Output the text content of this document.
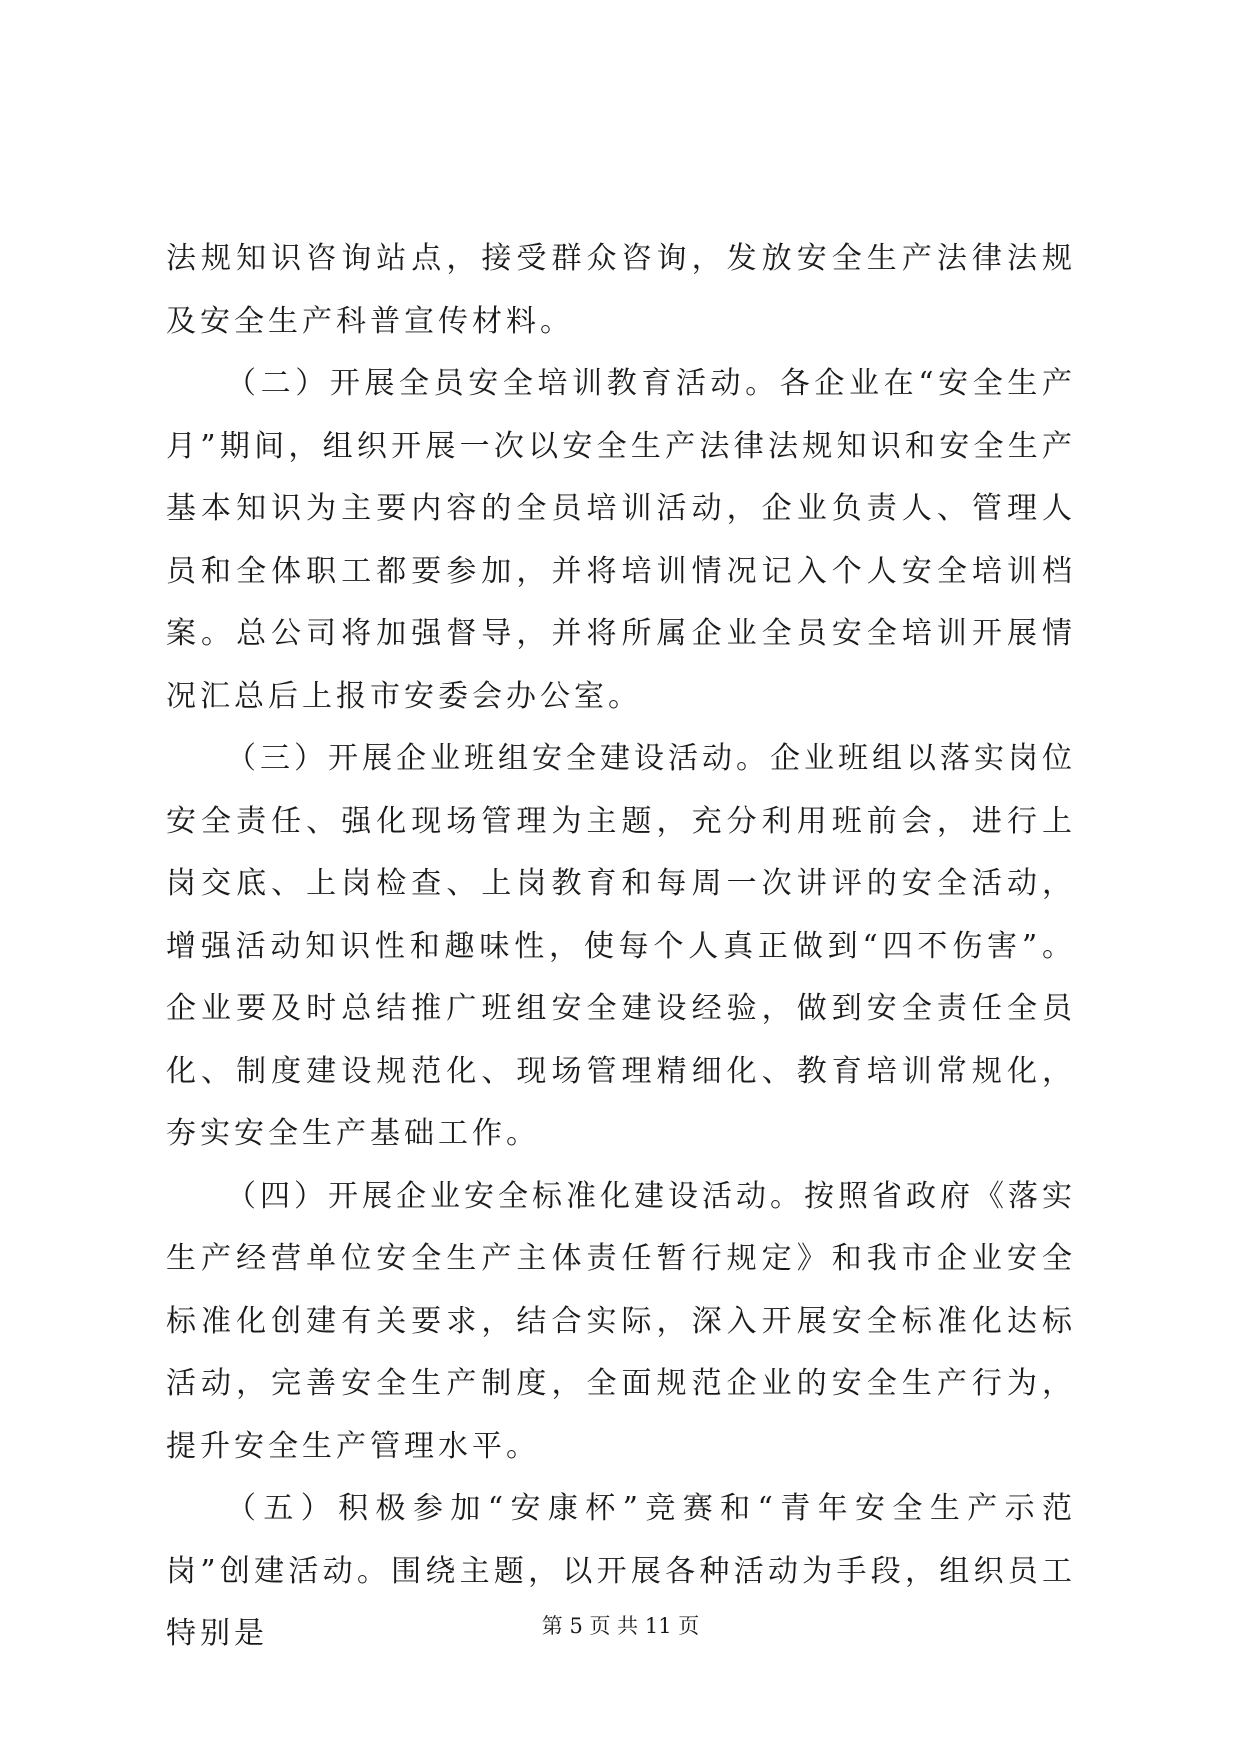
法规知识咨询站点，接受群众咨询，发放安全生产法律法规及安全生产科普宣传材料。

（二）开展全员安全培训教育活动。各企业在“安全生产月”期间，组织开展一次以安全生产法律法规知识和安全生产基本知识为主要内容的全员培训活动，企业负责人、管理人员和全体职工都要参加，并将培训情况记入个人安全培训档案。总公司将加强督导，并将所属企业全员安全培训开展情况汇总后上报市安委会办公室。

（三）开展企业班组安全建设活动。企业班组以落实岗位安全责任、强化现场管理为主题，充分利用班前会，进行上岗交底、上岗检查、上岗教育和每周一次讲评的安全活动，增强活动知识性和趣味性，使每个人真正做到“四不伤害”。企业要及时总结推广班组安全建设经验，做到安全责任全员化、制度建设规范化、现场管理精细化、教育培训常规化，夯实安全生产基础工作。

（四）开展企业安全标准化建设活动。按照省政府《落实生产经营单位安全生产主体责任暂行规定》和我市企业安全标准化创建有关要求，结合实际，深入开展安全标准化达标活动，完善安全生产制度，全面规范企业的安全生产行为，提升安全生产管理水平。

（五）积极参加“安康杯”竞赛和“青年安全生产示范岗”创建活动。围绕主题，以开展各种活动为手段，组织员工特别是	第 5 页 共 11 页
